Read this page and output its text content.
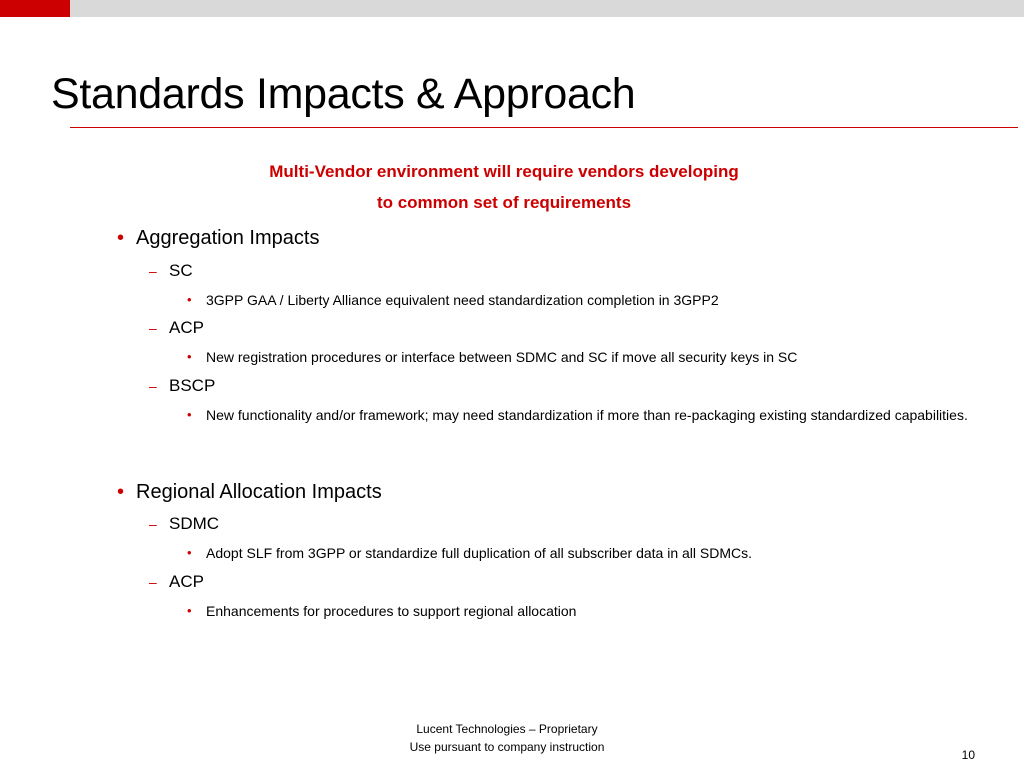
Standards Impacts & Approach
Multi-Vendor environment will require vendors developing
to common set of requirements
• Aggregation Impacts
– SC
• 3GPP GAA / Liberty Alliance equivalent need standardization completion in 3GPP2
– ACP
• New registration procedures or interface between SDMC and SC if move all security keys in SC
– BSCP
• New functionality and/or framework; may need standardization if more than re-packaging existing standardized capabilities.
• Regional Allocation Impacts
– SDMC
• Adopt SLF from 3GPP or standardize full duplication of all subscriber data in all SDMCs.
– ACP
• Enhancements for procedures to support regional allocation
Lucent Technologies – Proprietary
Use pursuant to company instruction
10
